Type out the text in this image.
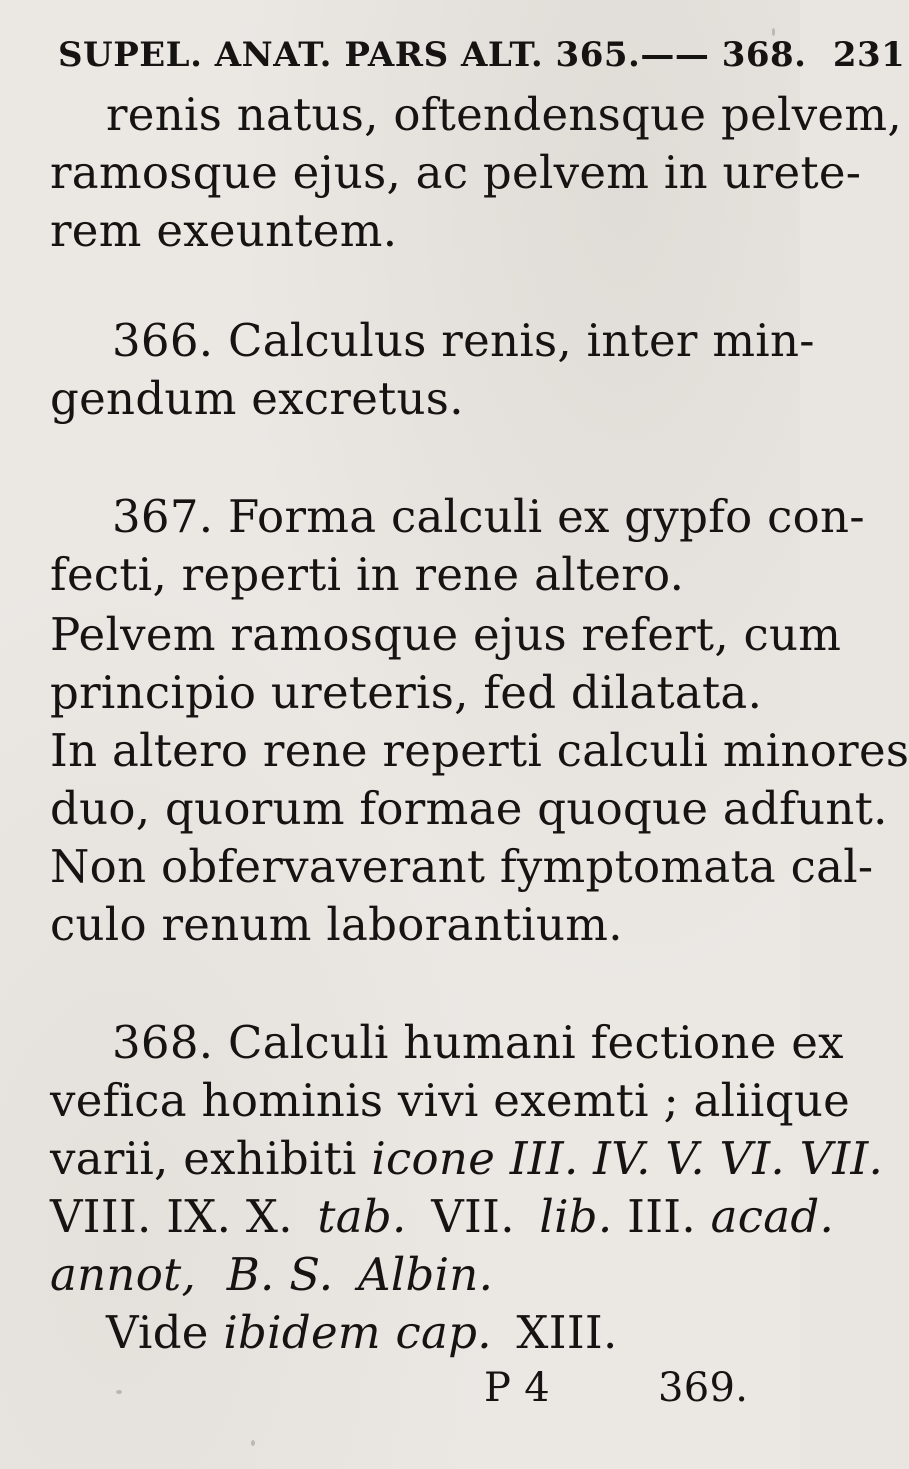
SUPEL. ANAT. PARS ALT. 365.—— 368. 231
renis natus, oftendensque pelvem,
ramosque ejus, ac pelvem in urete-
rem exeuntem.
366. Calculus renis, inter min-
gendum excretus.
367. Forma calculi ex gypfo con-
fecti, reperti in rene altero.
Pelvem ramosque ejus refert, cum
principio ureteris, fed dilatata.
In altero rene reperti calculi minores
duo, quorum formae quoque adfunt.
Non obfervaverant fymptomata cal-
culo renum laborantium.
368. Calculi humani fectione ex
vefica hominis vivi exemti ; aliique
varii, exhibiti icone III. IV. V. VI. VII.
VIII. IX. X. tab. VII. lib. III. acad.
annot, B. S. Albin.
Vide ibidem cap. XIII.
P 4	369.
